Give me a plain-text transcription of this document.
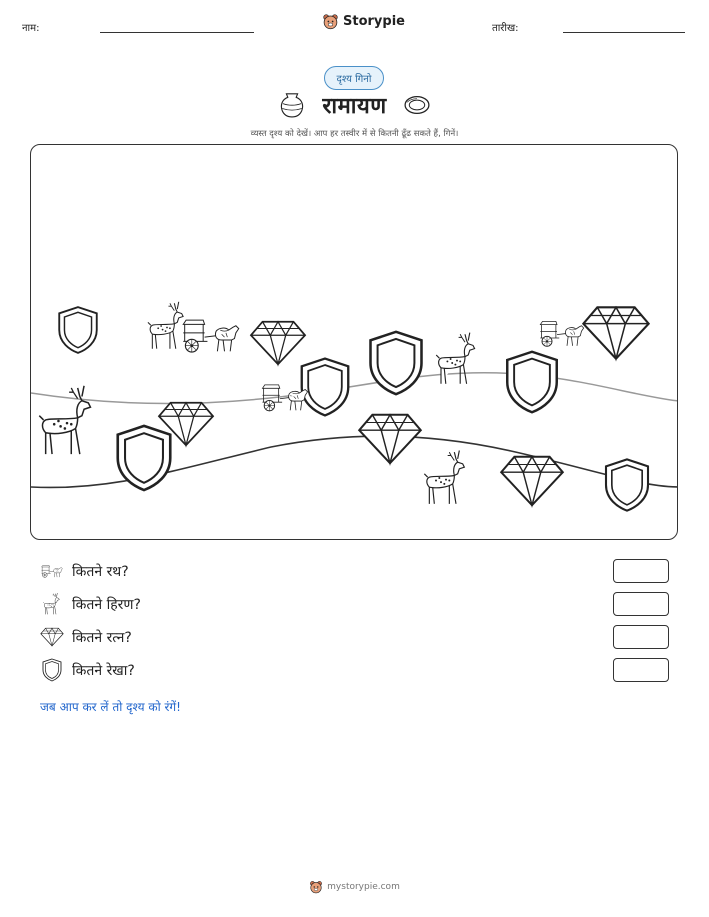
नाम:	Storypie	तारीख:
दृश्य गिनो
रामायण
व्यस्त दृश्य को देखें। आप हर तस्वीर में से कितनी ढूँढ सकते हैं, गिनें।
कितने रथ?
कितने हिरण?
कितने रत्न?
कितने रेखा?
जब आप कर लें तो दृश्य को रंगें!
mystorypie.com
